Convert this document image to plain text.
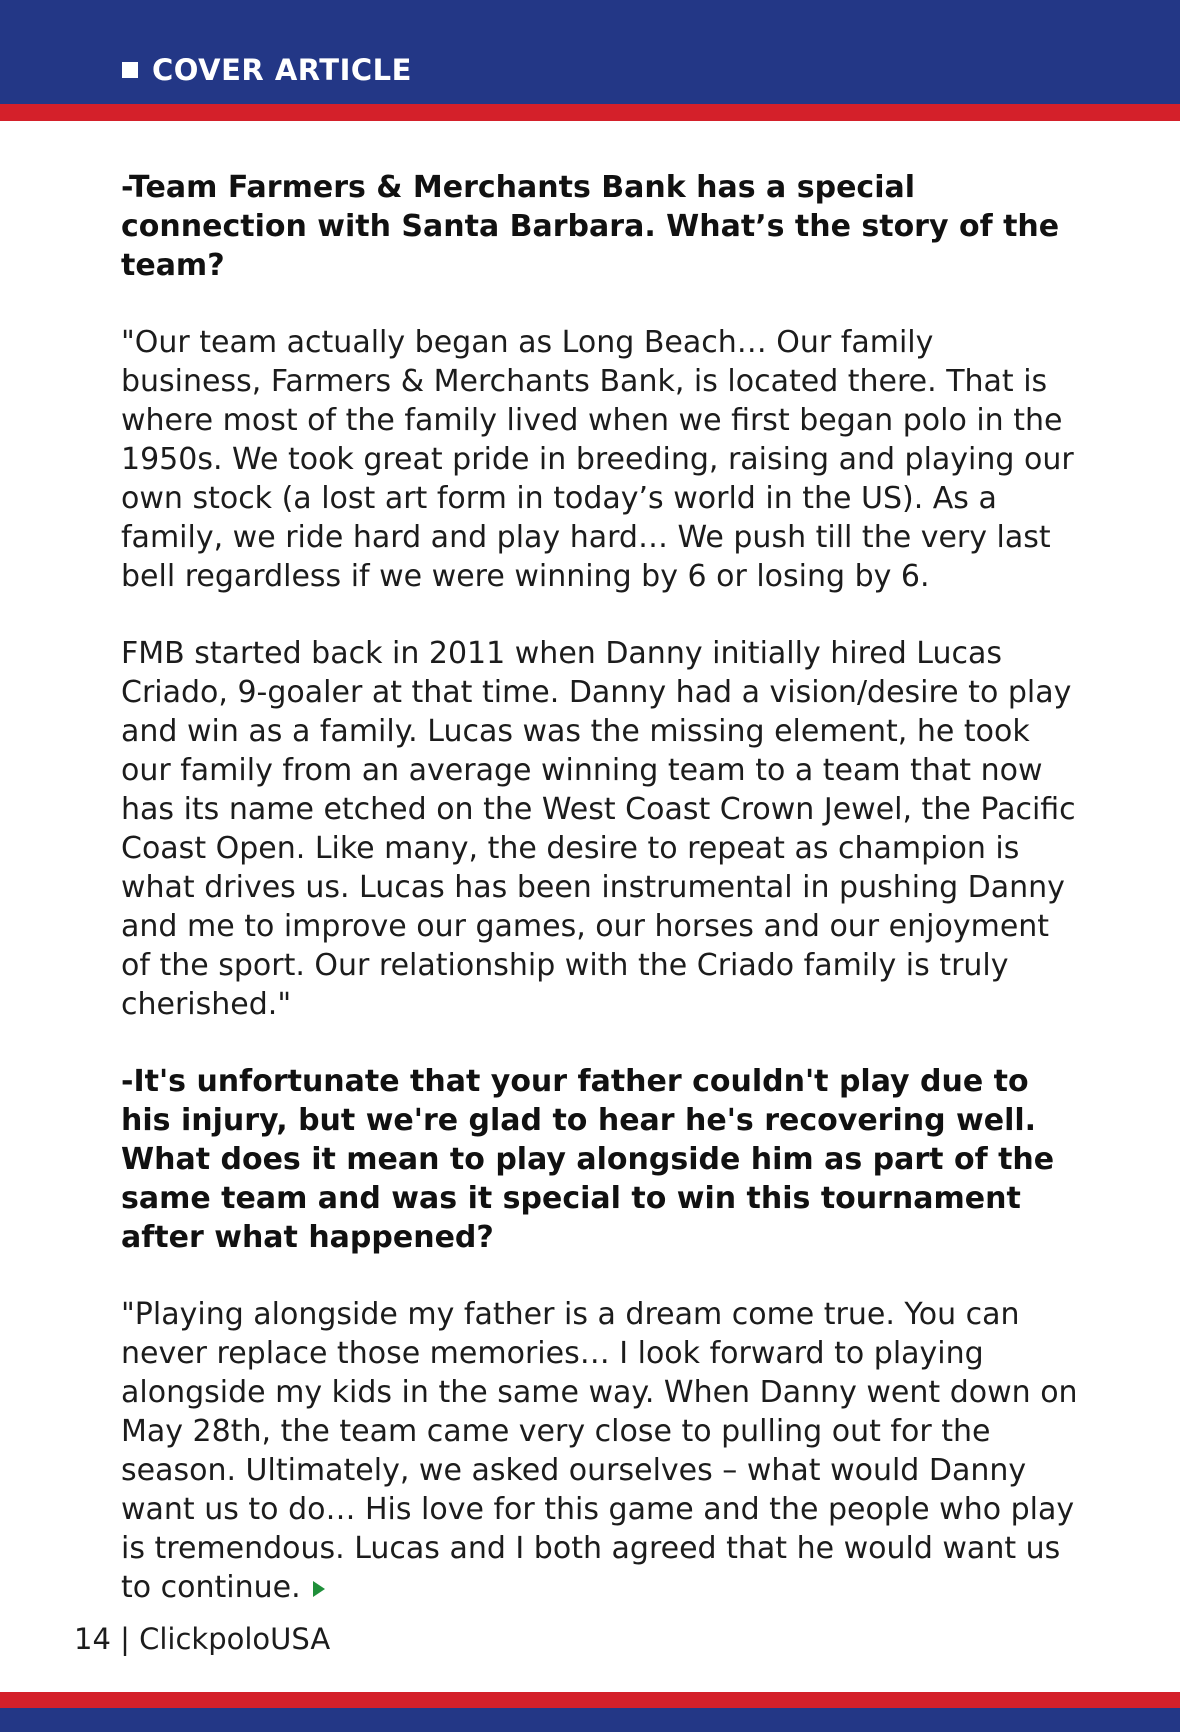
COVER ARTICLE

-Team Farmers & Merchants Bank has a special connection with Santa Barbara. What’s the story of the team?

"Our team actually began as Long Beach… Our family business, Farmers & Merchants Bank, is located there. That is where most of the family lived when we first began polo in the 1950s. We took great pride in breeding, raising and playing our own stock (a lost art form in today’s world in the US). As a family, we ride hard and play hard… We push till the very last bell regardless if we were winning by 6 or losing by 6.

FMB started back in 2011 when Danny initially hired Lucas Criado, 9-goaler at that time. Danny had a vision/desire to play and win as a family. Lucas was the missing element, he took our family from an average winning team to a team that now has its name etched on the West Coast Crown Jewel, the Pacific Coast Open. Like many, the desire to repeat as champion is what drives us. Lucas has been instrumental in pushing Danny and me to improve our games, our horses and our enjoyment of the sport. Our relationship with the Criado family is truly cherished."

-It's unfortunate that your father couldn't play due to his injury, but we're glad to hear he's recovering well. What does it mean to play alongside him as part of the same team and was it special to win this tournament after what happened?

"Playing alongside my father is a dream come true. You can never replace those memories… I look forward to playing alongside my kids in the same way. When Danny went down on May 28th, the team came very close to pulling out for the season. Ultimately, we asked ourselves – what would Danny want us to do… His love for this game and the people who play is tremendous. Lucas and I both agreed that he would want us to continue.

14 | ClickpoloUSA
